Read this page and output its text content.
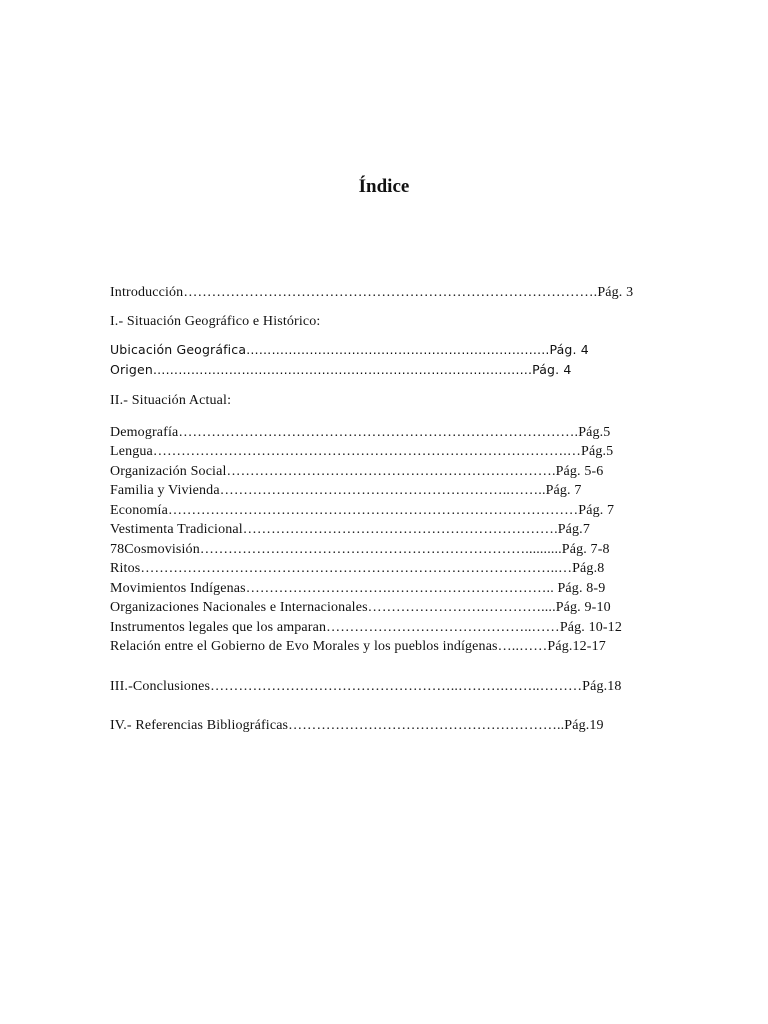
Índice
Introducción…………………………………………………………………………….Pág. 3
I.- Situación Geográfico e Histórico:
Ubicación Geográfica………………………………………………………….…..Pág. 4
Origen……………………………………………………………………..……….Pág. 4
II.- Situación Actual:
Demografía………………………………………………………………………….Pág.5
Lengua…………………………………………………………………………….…Pág.5
Organización Social…………………………………………………………….Pág. 5-6
Familia y Vivienda……………………………………………………..……..Pág. 7
Economía……………………………………………………………………………Pág. 7
Vestimenta Tradicional………………………………………………………….Pág.7
78Cosmovisión……………………………………………………………..........Pág. 7-8
Ritos……………………………………………………………………………..…Pág.8
Movimientos Indígenas………………………….…………………………….. Pág. 8-9
Organizaciones Nacionales e Internacionales…………………….…………....Pág. 9-10
Instrumentos legales que los amparan……………………………………..……Pág. 10-12
Relación entre el Gobierno de Evo Morales y los pueblos indígenas…..……Pág.12-17
III.-Conclusiones……………………………………………..……….……..………Pág.18
IV.- Referencias Bibliográficas…………………………………………………..Pág.19
